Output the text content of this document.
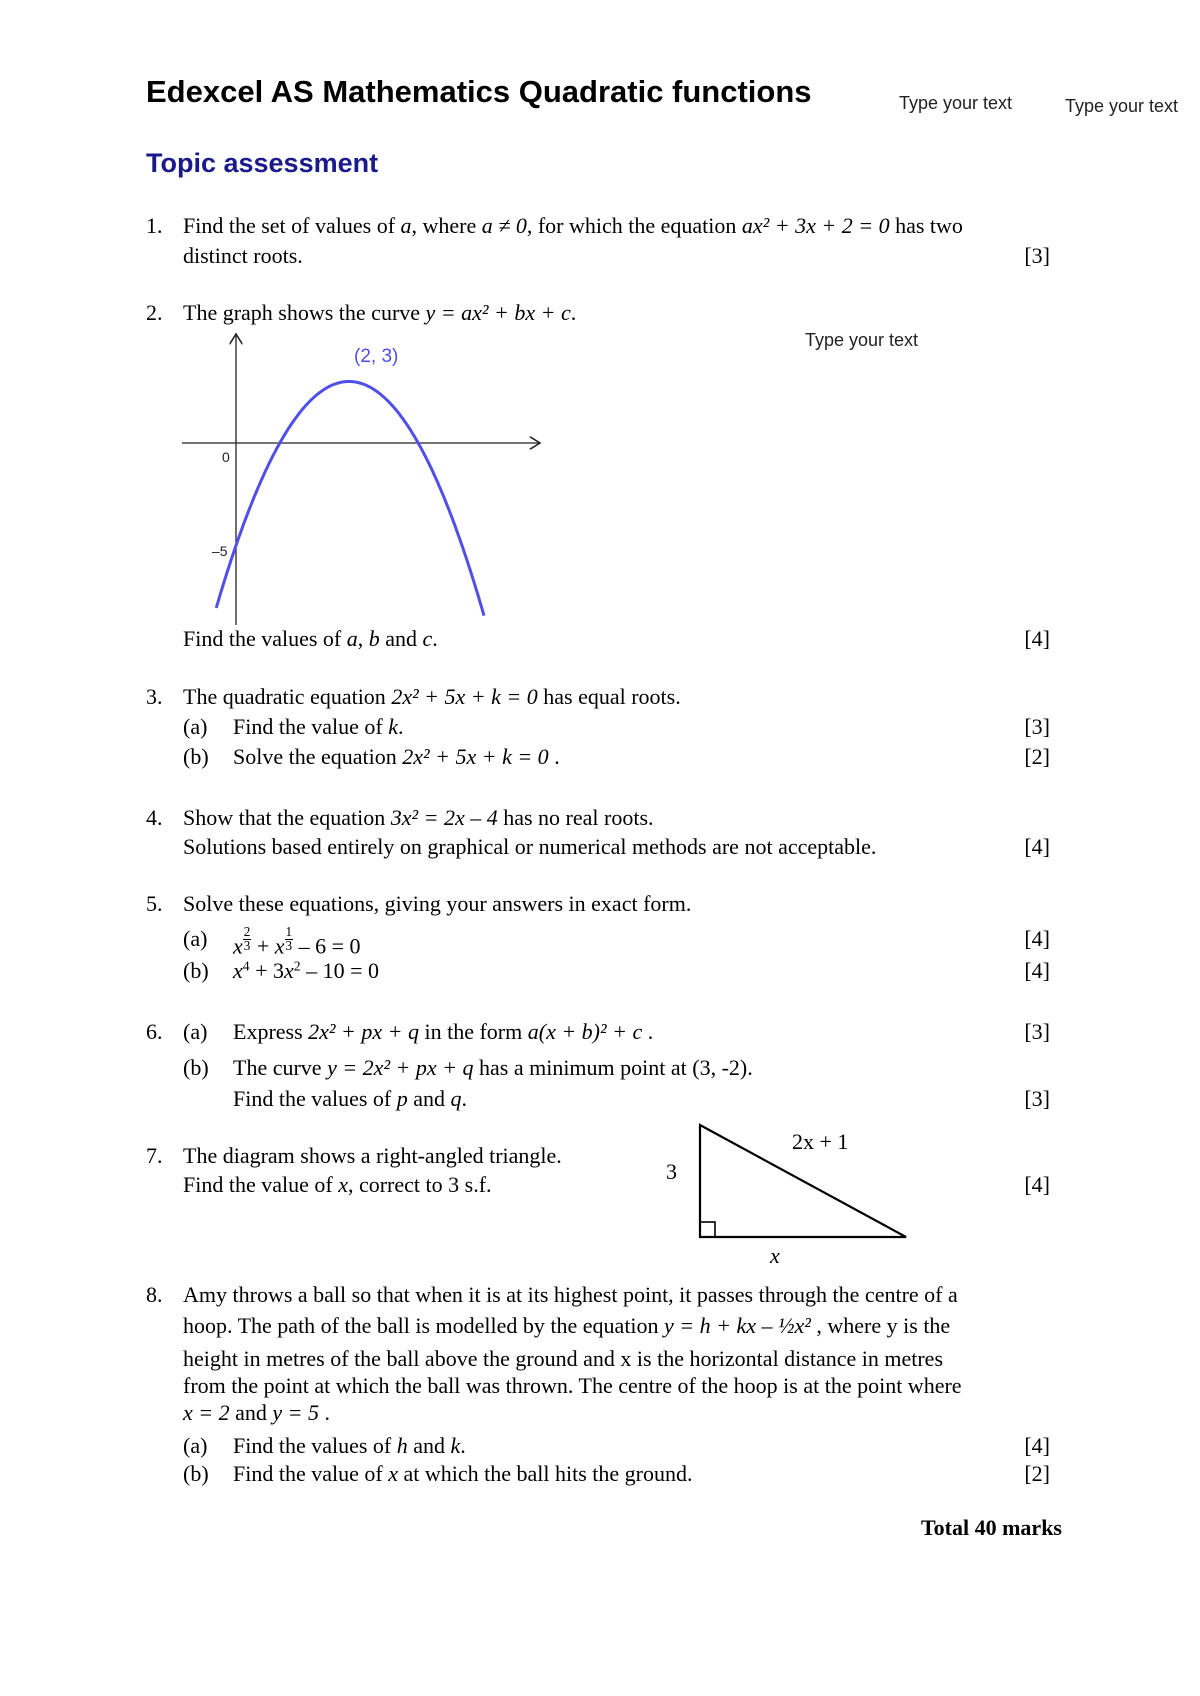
Edexcel AS Mathematics Quadratic functions	Type your text	Type your text
Topic assessment
1. Find the set of values of a, where a ≠ 0, for which the equation ax² + 3x + 2 = 0 has two
distinct roots.	[3]
2. The graph shows the curve y = ax² + bx + c.
Type your text
0
–5
(2, 3)
Find the values of a, b and c.	[4]
3. The quadratic equation 2x² + 5x + k = 0 has equal roots.
(a) Find the value of k.	[3]
(b) Solve the equation 2x² + 5x + k = 0 .	[2]
4. Show that the equation 3x² = 2x – 4 has no real roots.
Solutions based entirely on graphical or numerical methods are not acceptable.	[4]
5. Solve these equations, giving your answers in exact form.
(a) x $\frac{2}{3} + x \frac{1}{3} - 6 = 0$	[4]
(b) $x^4 + 3x^2 - 10 = 0$	[4]
6. (a) Express 2x² + px + q in the form a(x + b)² + c .	[3]
(b) The curve y = 2x² + px + q has a minimum point at (3, -2).
Find the values of p and q.	[3]
7. The diagram shows a right-angled triangle.
Find the value of x, correct to 3 s.f.	[4]
3
2x + 1
x
8. Amy throws a ball so that when it is at its highest point, it passes through the centre of a
hoop. The path of the ball is modelled by the equation y = h + kx – ½x² , where y is the
height in metres of the ball above the ground and x is the horizontal distance in metres
from the point at which the ball was thrown. The centre of the hoop is at the point where
x = 2 and y = 5 .
(a) Find the values of h and k.	[4]
(b) Find the value of x at which the ball hits the ground.	[2]
Total 40 marks
